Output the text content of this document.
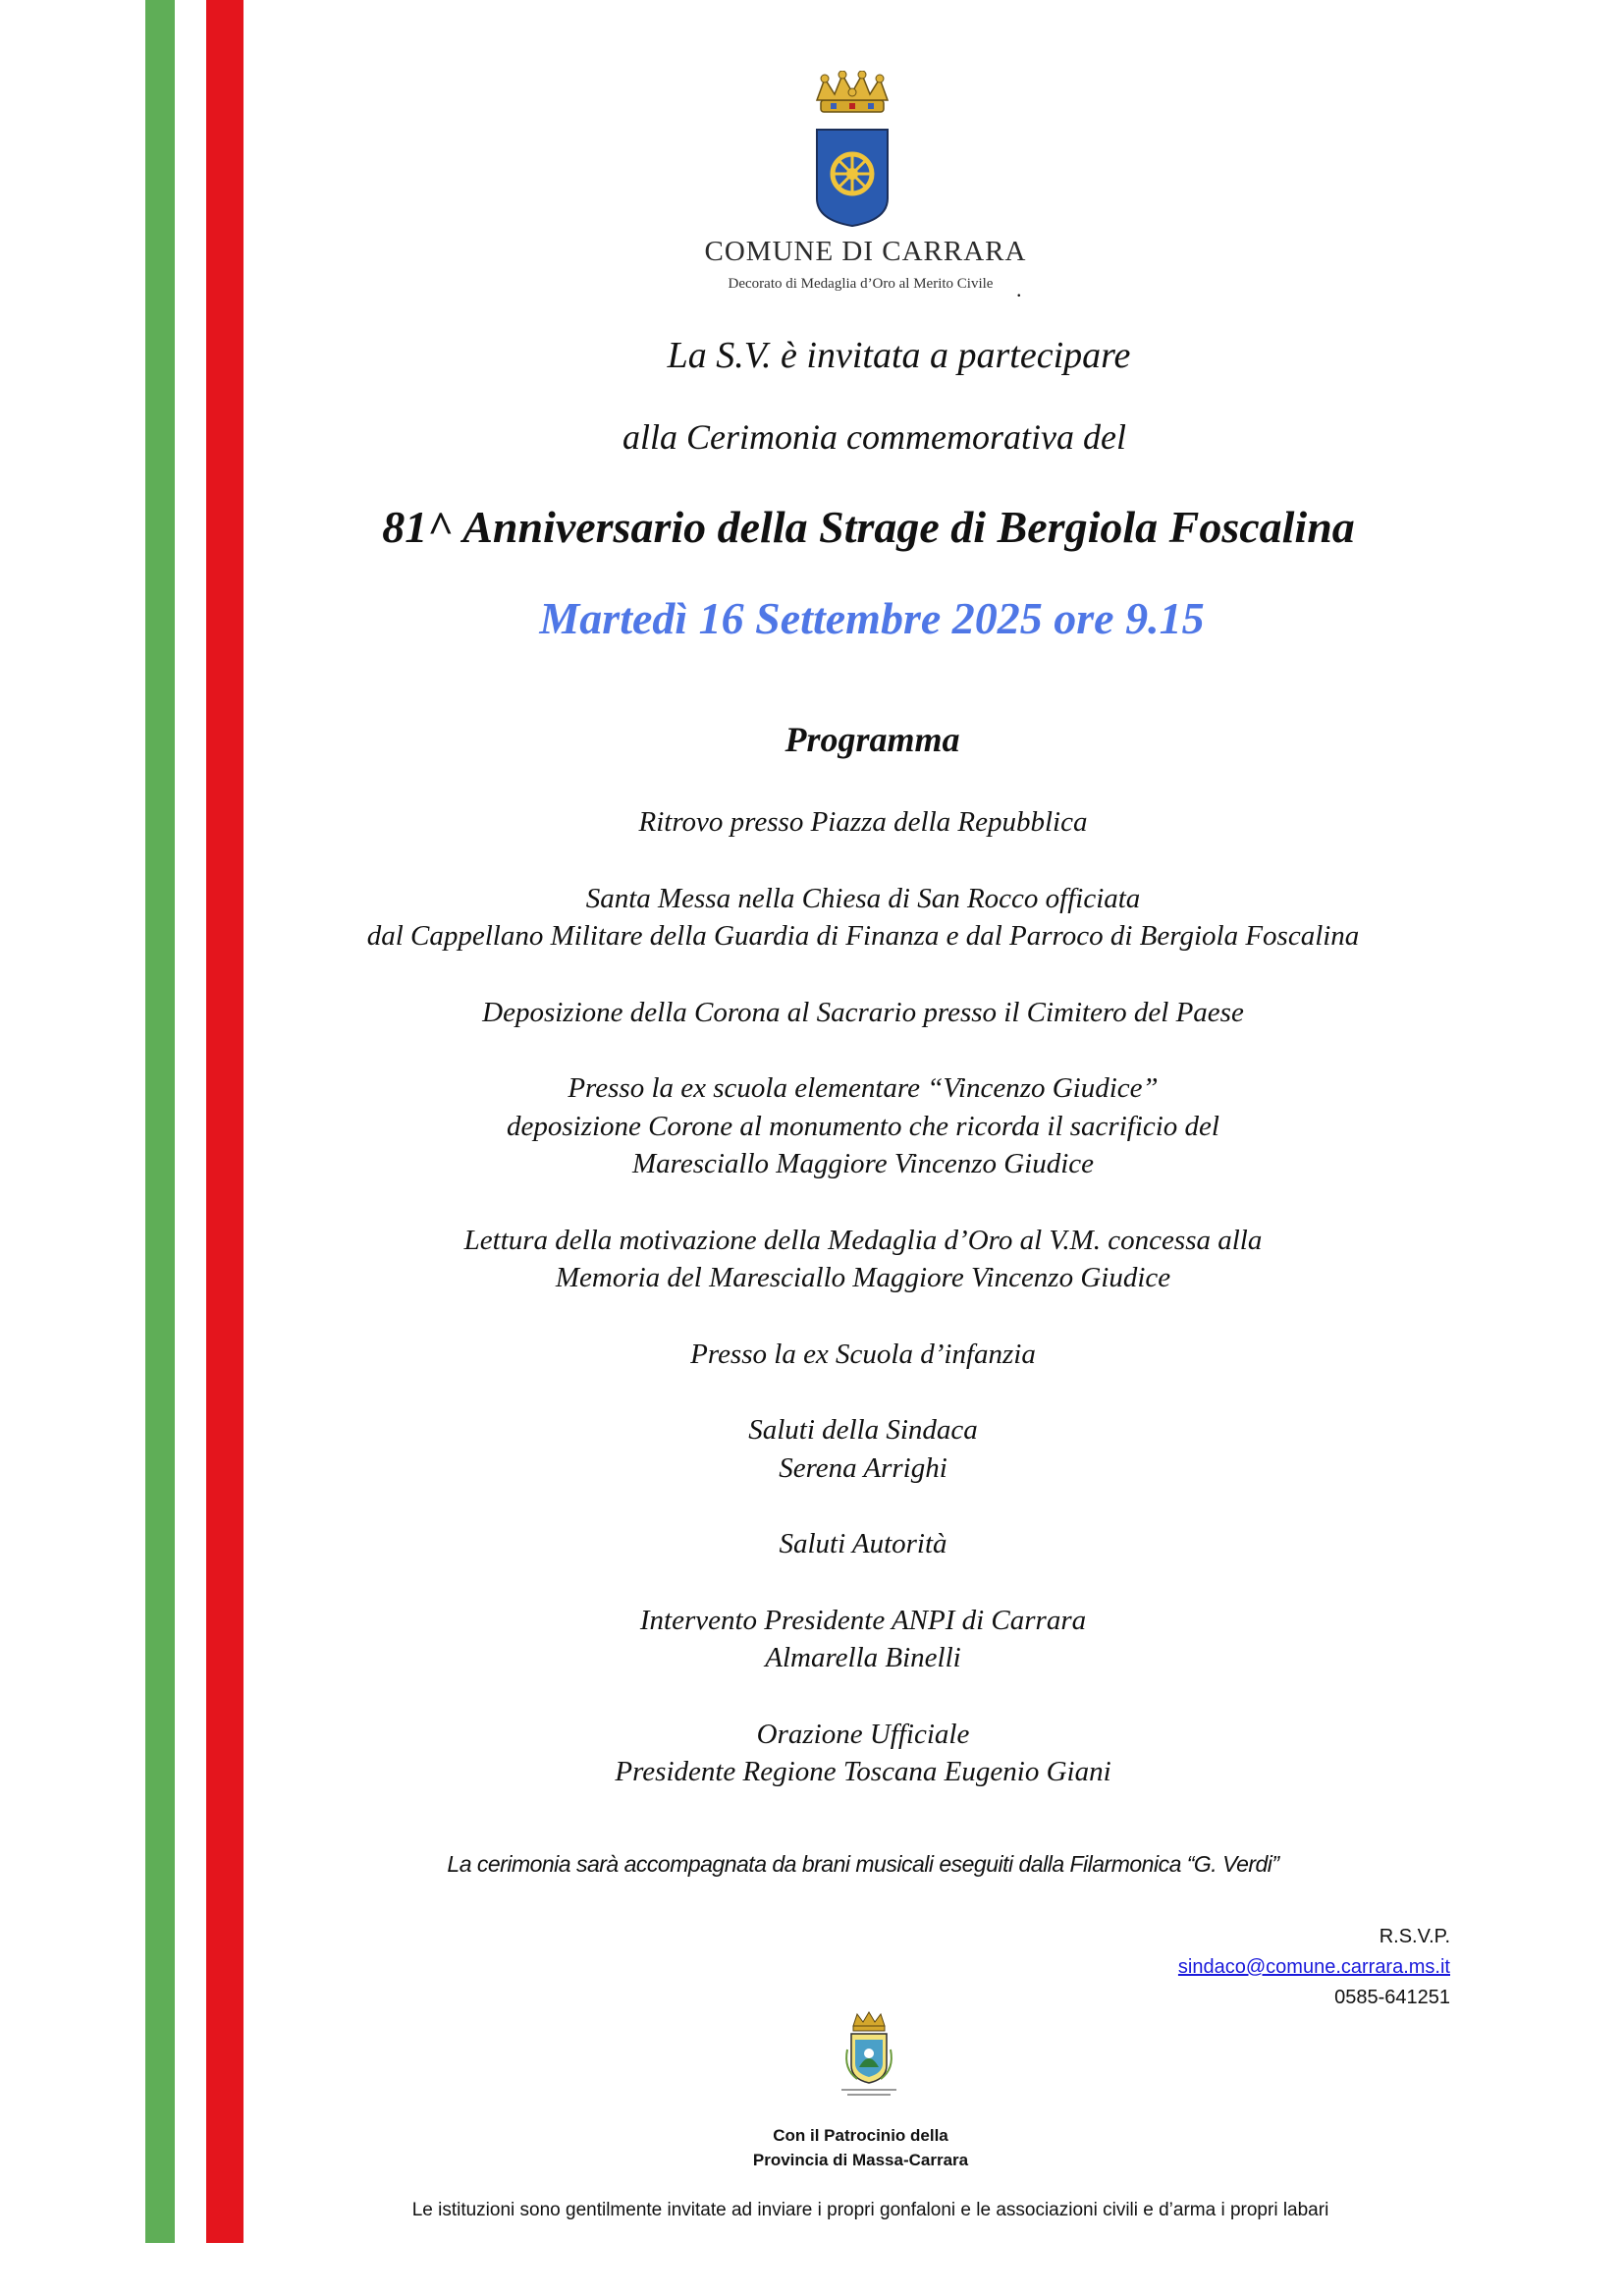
COMUNE DI CARRARA
Decorato di Medaglia d’Oro al Merito Civile	.
La S.V. è invitata a partecipare
alla Cerimonia commemorativa del
81^ Anniversario della Strage di Bergiola Foscalina
Martedì 16 Settembre 2025 ore 9.15
Programma
Ritrovo presso Piazza della Repubblica
Santa Messa nella Chiesa di San Rocco officiata
dal Cappellano Militare della Guardia di Finanza e dal Parroco di Bergiola Foscalina
Deposizione della Corona al Sacrario presso il Cimitero del Paese
Presso la ex scuola elementare “Vincenzo Giudice”
deposizione Corone al monumento che ricorda il sacrificio del
Maresciallo Maggiore Vincenzo Giudice
Lettura della motivazione della Medaglia d’Oro al V.M. concessa alla
Memoria del Maresciallo Maggiore Vincenzo Giudice
Presso la ex Scuola d’infanzia
Saluti della Sindaca
Serena Arrighi
Saluti Autorità
Intervento Presidente ANPI di Carrara
Almarella Binelli
Orazione Ufficiale
Presidente Regione Toscana Eugenio Giani
La cerimonia sarà accompagnata da brani musicali eseguiti dalla Filarmonica “G. Verdi”
R.S.V.P.
sindaco@comune.carrara.ms.it
0585-641251
Con il Patrocinio della
Provincia di Massa-Carrara
Le istituzioni sono gentilmente invitate ad inviare i propri gonfaloni e le associazioni civili e d’arma i propri labari
